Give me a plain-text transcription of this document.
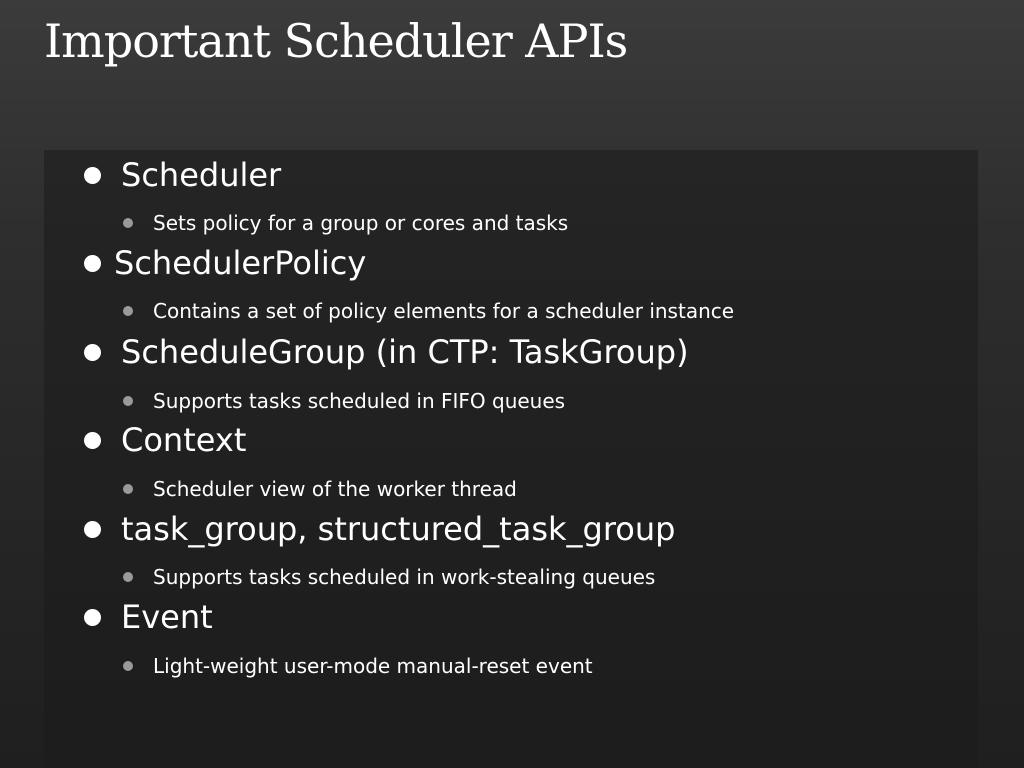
Important Scheduler APIs
Scheduler
Sets policy for a group or cores and tasks
SchedulerPolicy
Contains a set of policy elements for a scheduler instance
ScheduleGroup (in CTP: TaskGroup)
Supports tasks scheduled in FIFO queues
Context
Scheduler view of the worker thread
task_group, structured_task_group
Supports tasks scheduled in work-stealing queues
Event
Light-weight user-mode manual-reset event
